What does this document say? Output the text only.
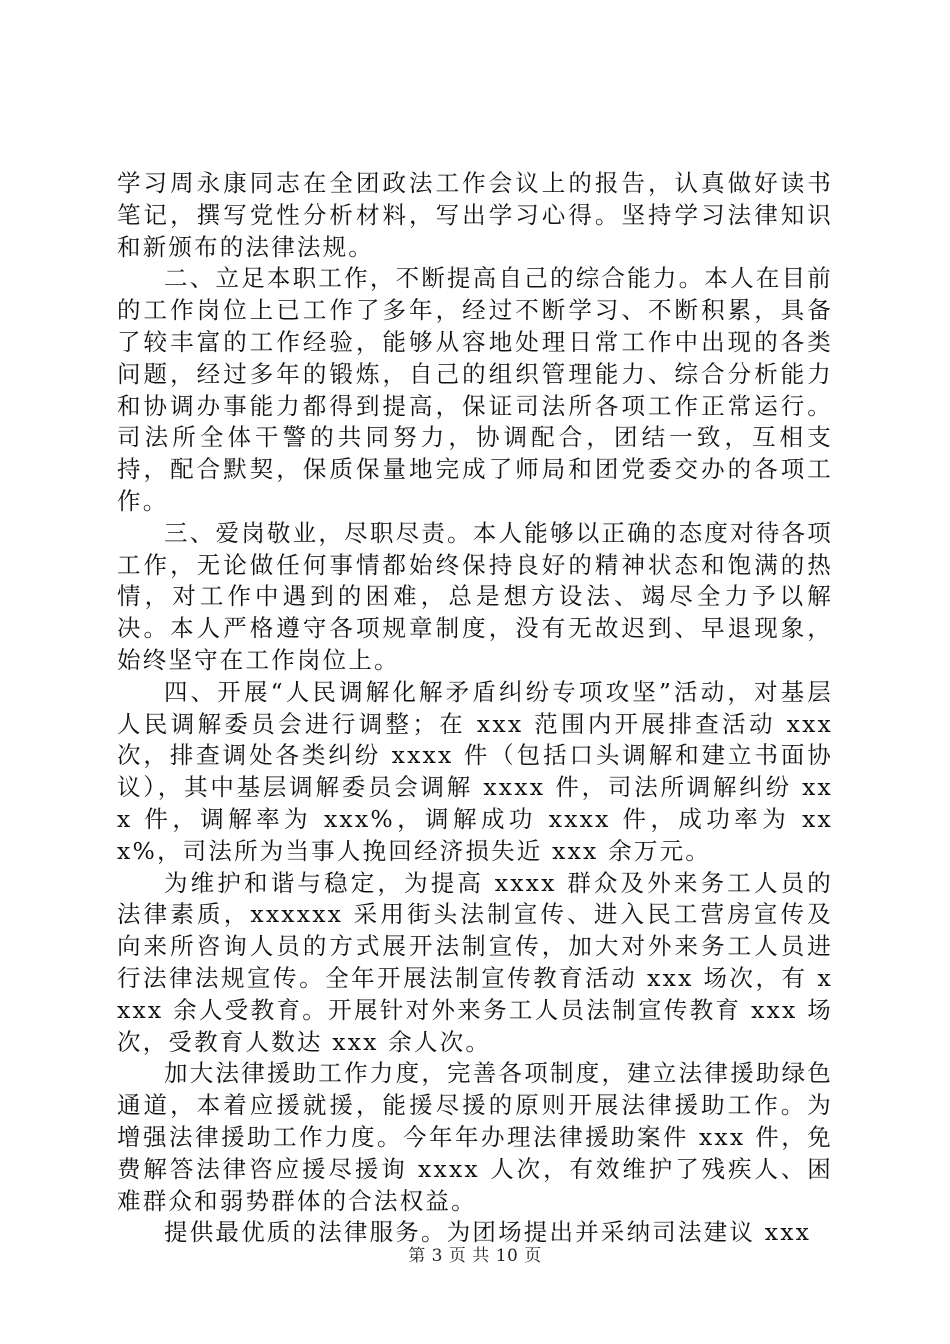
学习周永康同志在全团政法工作会议上的报告，认真做好读书笔记，撰写党性分析材料，写出学习心得。坚持学习法律知识和新颁布的法律法规。

二、立足本职工作，不断提高自己的综合能力。本人在目前的工作岗位上已工作了多年，经过不断学习、不断积累，具备了较丰富的工作经验，能够从容地处理日常工作中出现的各类问题，经过多年的锻炼，自己的组织管理能力、综合分析能力和协调办事能力都得到提高，保证司法所各项工作正常运行。司法所全体干警的共同努力，协调配合，团结一致，互相支持，配合默契，保质保量地完成了师局和团党委交办的各项工作。

三、爱岗敬业，尽职尽责。本人能够以正确的态度对待各项工作，无论做任何事情都始终保持良好的精神状态和饱满的热情，对工作中遇到的困难，总是想方设法、竭尽全力予以解决。本人严格遵守各项规章制度，没有无故迟到、早退现象，始终坚守在工作岗位上。

四、开展“人民调解化解矛盾纠纷专项攻坚”活动，对基层人民调解委员会进行调整；在 xxx 范围内开展排查活动 xxx 次，排查调处各类纠纷 xxxx 件（包括口头调解和建立书面协议），其中基层调解委员会调解 xxxx 件，司法所调解纠纷 xxx 件，调解率为 xxx%，调解成功 xxxx 件，成功率为 xxx%，司法所为当事人挽回经济损失近 xxx 余万元。

为维护和谐与稳定，为提高 xxxx 群众及外来务工人员的法律素质，xxxxxx 采用街头法制宣传、进入民工营房宣传及向来所咨询人员的方式展开法制宣传，加大对外来务工人员进行法律法规宣传。全年开展法制宣传教育活动 xxx 场次，有 xxxx 余人受教育。开展针对外来务工人员法制宣传教育 xxx 场次，受教育人数达 xxx 余人次。

加大法律援助工作力度，完善各项制度，建立法律援助绿色通道，本着应援就援，能援尽援的原则开展法律援助工作。为增强法律援助工作力度。今年年办理法律援助案件 xxx 件，免费解答法律咨应援尽援询 xxxx 人次，有效维护了残疾人、困难群众和弱势群体的合法权益。

提供最优质的法律服务。为团场提出并采纳司法建议 xxx

第 3 页 共 10 页
